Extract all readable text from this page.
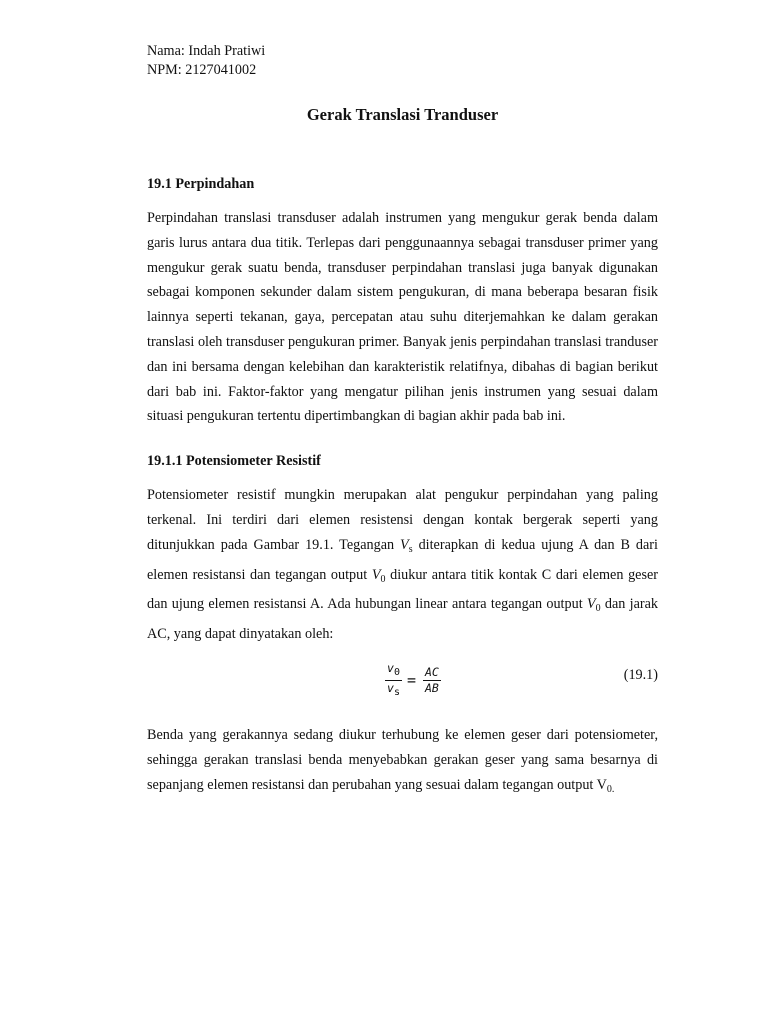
Nama: Indah Pratiwi

NPM: 2127041002

Gerak Translasi Tranduser
19.1 Perpindahan

Perpindahan translasi transduser adalah instrumen yang mengukur gerak benda dalam garis lurus antara dua titik. Terlepas dari penggunaannya sebagai transduser primer yang mengukur gerak suatu benda, transduser perpindahan translasi juga banyak digunakan sebagai komponen sekunder dalam sistem pengukuran, di mana beberapa besaran fisik lainnya seperti tekanan, gaya, percepatan atau suhu diterjemahkan ke dalam gerakan translasi oleh transduser pengukuran primer. Banyak jenis perpindahan translasi tranduser dan ini bersama dengan kelebihan dan karakteristik relatifnya, dibahas di bagian berikut dari bab ini. Faktor-faktor yang mengatur pilihan jenis instrumen yang sesuai dalam situasi pengukuran tertentu dipertimbangkan di bagian akhir pada bab ini.

19.1.1 Potensiometer Resistif

Potensiometer resistif mungkin merupakan alat pengukur perpindahan yang paling terkenal. Ini terdiri dari elemen resistensi dengan kontak bergerak seperti yang ditunjukkan pada Gambar 19.1. Tegangan $V_s$ diterapkan di kedua ujung A dan B dari elemen resistansi dan tegangan output $V_0$ diukur antara titik kontak C dari elemen geser dan ujung elemen resistansi A. Ada hubungan linear antara tegangan output $V_0$ dan jarak AC, yang dapat dinyatakan oleh:

$\frac{v0}{vs} = \frac{AC}{AB}$	(19.1)

Benda yang gerakannya sedang diukur terhubung ke elemen geser dari potensiometer, sehingga gerakan translasi benda menyebabkan gerakan geser yang sama besarnya di sepanjang elemen resistansi dan perubahan yang sesuai dalam tegangan output $V_{0.}$
